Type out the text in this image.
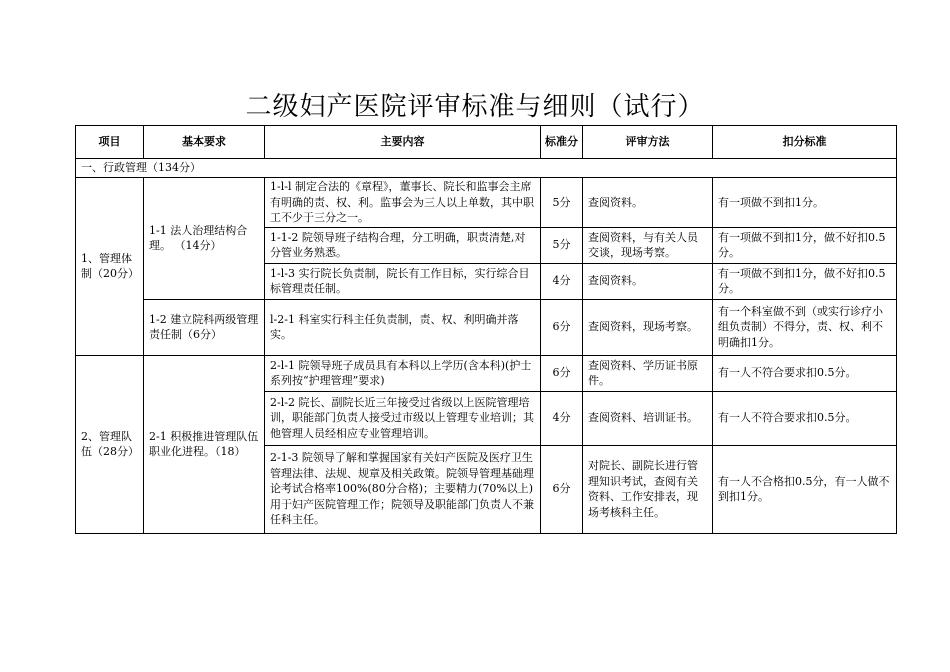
二级妇产医院评审标准与细则（试行）
项目	基本要求	主要内容	标准分	评审方法	扣分标准
一、行政管理（134分）					
1、管理体制（20分）	1-1 法人治理结构合理。 （14分）	1-l-l 制定合法的《章程》，董事长、院长和监事会主席有明确的责、权、利。监事会为三人以上单数，其中职工不少于三分之一。	5分	查阅资料。	有一项做不到扣1分。
		1-1-2 院领导班子结构合理，分工明确，职责清楚,对分管业务熟悉。	5分	查阅资料，与有关人员交谈，现场考察。	有一项做不到扣1分，做不好扣0.5分。
		1-l-3 实行院长负责制，院长有工作目标，实行综合目标管理责任制。	4分	查阅资料。	有一项做不到扣1分，做不好扣0.5分。
	1-2 建立院科两级管理责任制（6分）	l-2-1 科室实行科主任负责制，责、权、利明确并落实。	6分	查阅资料，现场考察。	有一个科室做不到（或实行诊疗小组负责制）不得分，责、权、利不明确扣1分。
2、管理队伍（28分）	2-1 积极推进管理队伍职业化进程。（18）	2-l-1 院领导班子成员具有本科以上学历(含本科)(护士系列按“护理管理”要求)	6分	查阅资料、学历证书原件。	有一人不符合要求扣0.5分。
		2-l-2 院长、副院长近三年接受过省级以上医院管理培训，职能部门负责人接受过市级以上管理专业培训；其他管理人员经相应专业管理培训。	4分	查阅资料、培训证书。	有一人不符合要求扣0.5分。
		2-1-3 院领导了解和掌握国家有关妇产医院及医疗卫生管理法律、法规、规章及相关政策。院领导管理基础理论考试合格率100%(80分合格)；主要精力(70%以上)用于妇产医院管理工作；院领导及职能部门负责人不兼任科主任。	6分	对院长、副院长进行管理知识考试，查阅有关资料、工作安排表，现场考核科主任。	有一人不合格扣0.5分，有一人做不到扣1分。
